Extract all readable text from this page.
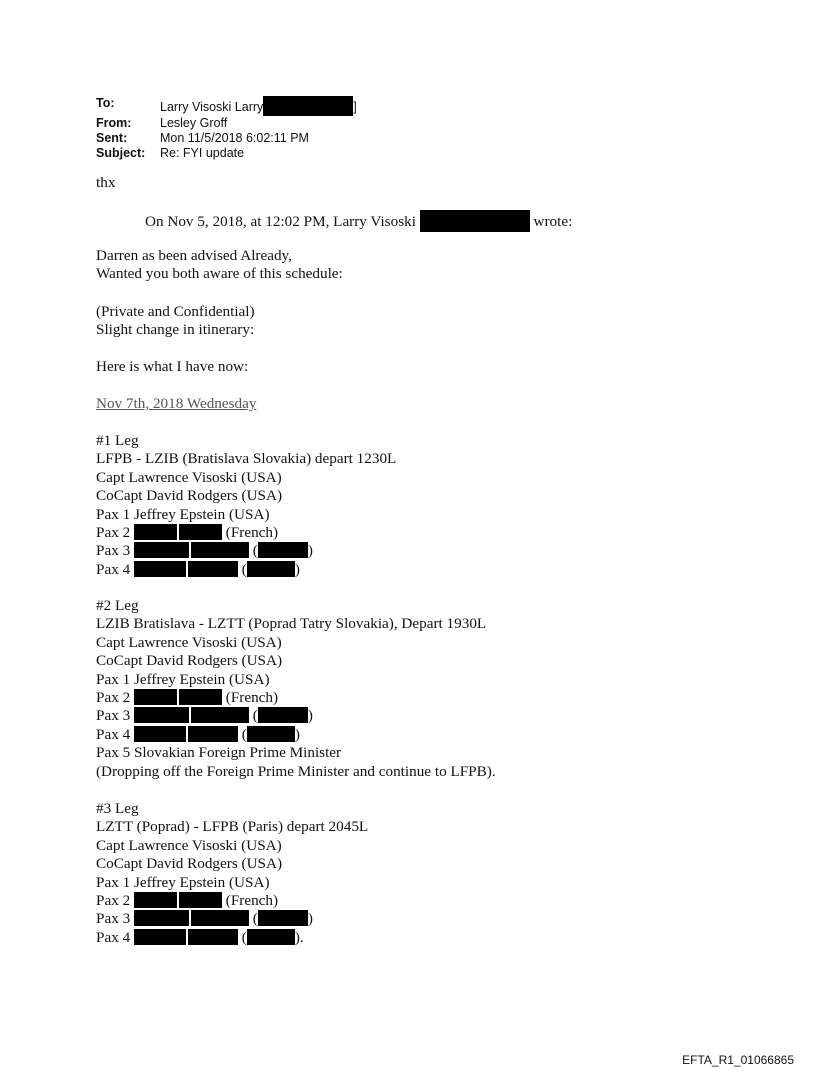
To:	Larry Visoski Larry	]
From:	Lesley Groff
Sent:	Mon 11/5/2018 6:02:11 PM
Subject:	Re: FYI update
thx
On Nov 5, 2018, at 12:02 PM, Larry Visoski	wrote:
Darren as been advised Already,
Wanted you both aware of this schedule:
(Private and Confidential)
Slight change in itinerary:
Here is what I have now:
Nov 7th, 2018 Wednesday
#1 Leg
LFPB - LZIB (Bratislava Slovakia) depart 1230L
Capt Lawrence Visoski (USA)
CoCapt David Rodgers (USA)
Pax 1 Jeffrey Epstein (USA)
Pax 2	(French)
Pax 3	(	)
Pax 4	(	)
#2 Leg
LZIB Bratislava - LZTT (Poprad Tatry Slovakia), Depart 1930L
Capt Lawrence Visoski (USA)
CoCapt David Rodgers (USA)
Pax 1 Jeffrey Epstein (USA)
Pax 2	(French)
Pax 3	(	)
Pax 4	(	)
Pax 5 Slovakian Foreign Prime Minister
(Dropping off the Foreign Prime Minister and continue to LFPB).
#3 Leg
LZTT (Poprad) - LFPB (Paris) depart 2045L
Capt Lawrence Visoski (USA)
CoCapt David Rodgers (USA)
Pax 1 Jeffrey Epstein (USA)
Pax 2	(French)
Pax 3	(	)
Pax 4	(	).
EFTA_R1_01066865
